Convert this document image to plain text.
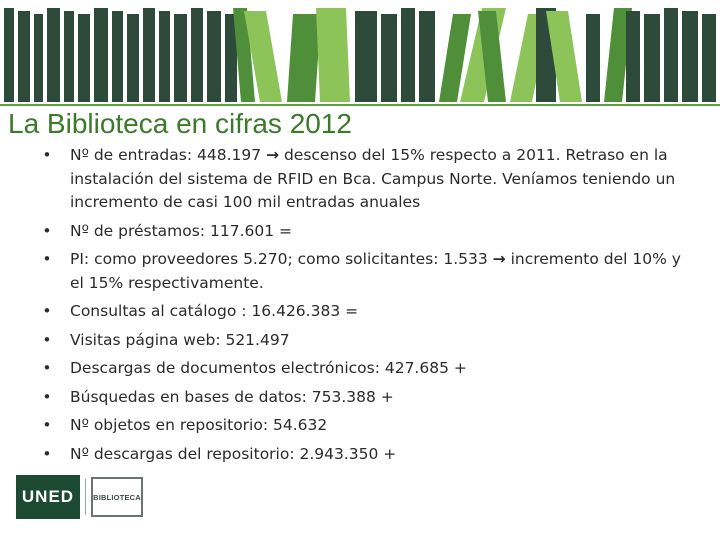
La Biblioteca en cifras 2012
• Nº de entradas: 448.197 → descenso del 15% respecto a 2011. Retraso en la instalación del sistema de RFID en Bca. Campus Norte. Veníamos teniendo un incremento de casi 100 mil entradas anuales
• Nº de préstamos: 117.601 =
• PI: como proveedores 5.270; como solicitantes: 1.533 → incremento del 10% y el 15% respectivamente.
• Consultas al catálogo : 16.426.383 =
• Visitas página web: 521.497
• Descargas de documentos electrónicos: 427.685 +
• Búsquedas en bases de datos: 753.388 +
• Nº objetos en repositorio: 54.632
• Nº descargas del repositorio: 2.943.350 +
UNED	BIBLIOTECA
